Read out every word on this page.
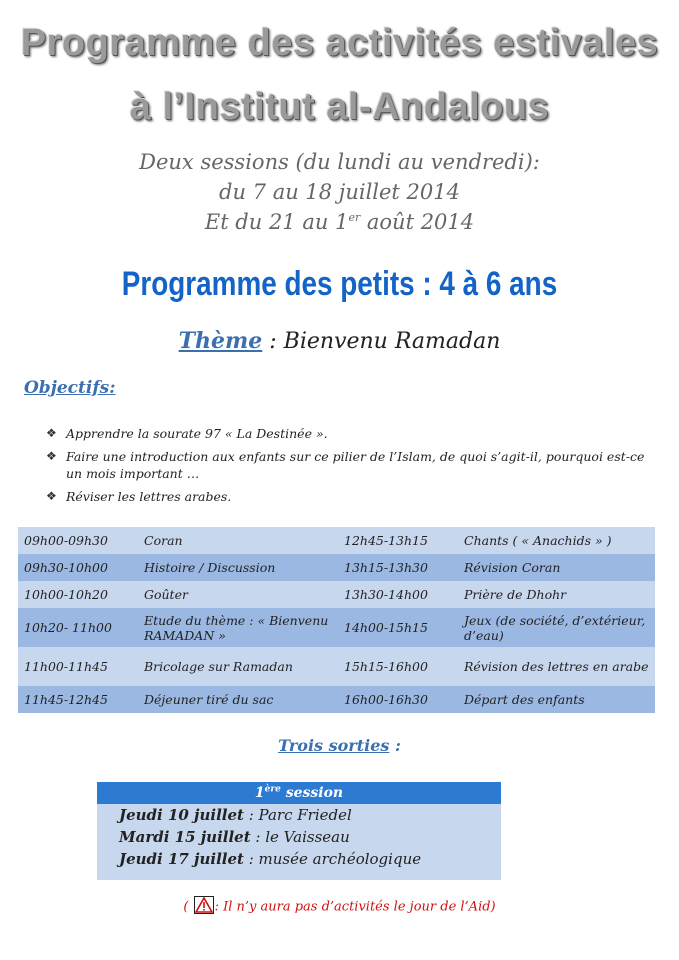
Programme des activités estivales
à l’Institut al-Andalous
Deux sessions (du lundi au vendredi):
du 7 au 18 juillet 2014
Et du 21 au 1er août 2014
Programme des petits : 4 à 6 ans
Thème : Bienvenu Ramadan
Objectifs:
❖ Apprendre la sourate 97 « La Destinée ».
❖ Faire une introduction aux enfants sur ce pilier de l’Islam, de quoi s’agit-il, pourquoi est-ce un mois important …
❖ Réviser les lettres arabes.
09h00-09h30	Coran	12h45-13h15	Chants ( « Anachids » )
09h30-10h00	Histoire / Discussion	13h15-13h30	Révision Coran
10h00-10h20	Goûter	13h30-14h00	Prière de Dhohr
10h20- 11h00	Etude du thème : « Bienvenu RAMADAN »	14h00-15h15	Jeux (de société, d’extérieur, d’eau)
11h00-11h45	Bricolage sur Ramadan	15h15-16h00	Révision des lettres en arabe
11h45-12h45	Déjeuner tiré du sac	16h00-16h30	Départ des enfants
Trois sorties :
1ère session
Jeudi 10 juillet : Parc Friedel
Mardi 15 juillet : le Vaisseau
Jeudi 17 juillet : musée archéologique
(
: Il n’y aura pas d’activités le jour de l’Aid)
